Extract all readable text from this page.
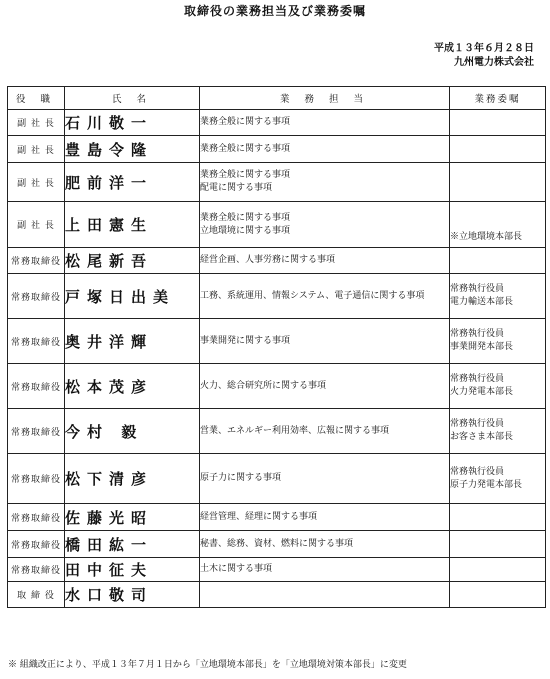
取締役の業務担当及び業務委嘱
平成１３年６月２８日
九州電力株式会社
役 職	氏 名	業 務 担 当	業務委嘱
副 社 長	石川敬一	業務全般に関する事項	

副 社 長	豊島令隆	業務全般に関する事項	

副 社 長	肥前洋一	業務全般に関する事項
配電に関する事項	

副 社 長	上田憲生	業務全般に関する事項
立地環境に関する事項	※立地環境本部長

常務取締役	松尾新吾	経営企画、人事労務に関する事項	

常務取締役	戸塚日出美	工務、系統運用、情報システム、電子通信に関する事項	常務執行役員
電力輸送本部長

常務取締役	奥井洋輝	事業開発に関する事項	常務執行役員
事業開発本部長

常務取締役	松本茂彦	火力、総合研究所に関する事項	常務執行役員
火力発電本部長

常務取締役	今村 毅	営業、エネルギー利用効率、広報に関する事項	常務執行役員
お客さま本部長

常務取締役	松下清彦	原子力に関する事項	常務執行役員
原子力発電本部長

常務取締役	佐藤光昭	経営管理、経理に関する事項	

常務取締役	橋田紘一	秘書、総務、資材、燃料に関する事項	

常務取締役	田中征夫	土木に関する事項	

取 締 役	水口敬司		
※ 組織改正により、平成１３年７月１日から「立地環境本部長」を「立地環境対策本部長」に変更
